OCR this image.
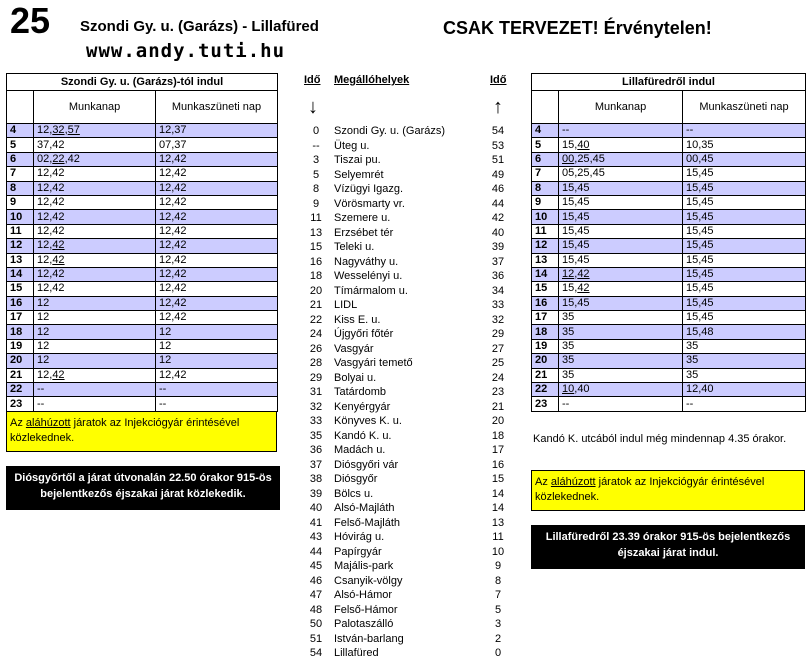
25 Szondi Gy. u. (Garázs) - Lillafüred
www.andy.tuti.hu
CSAK TERVEZET! Érvénytelen!
Szondi Gy. u. (Garázs)-tól indul		
	Munkanap	Munkaszüneti nap
4	12,32,57	12,37
5	37,42	07,37
6	02,22,42	12,42
7	12,42	12,42
8	12,42	12,42
9	12,42	12,42
10	12,42	12,42
11	12,42	12,42
12	12,42	12,42
13	12,42	12,42
14	12,42	12,42
15	12,42	12,42
16	12	12,42
17	12	12,42
18	12	12
19	12	12
20	12	12
21	12,42	12,42
22	--	--
23	--	--
Az aláhúzott járatok az Injekciógyár érintésével közlekednek.
Diósgyőrtől a járat útvonalán 22.50 órakor 915-ös bejelentkezős éjszakai járat közlekedik.
Idő Megállóhelyek	Idő
↓	↑
0	Szondi Gy. u. (Garázs)	54
--	Üteg u.	53
3	Tiszai pu.	51
5	Selyemrét	49
8	Vízügyi Igazg.	46
9	Vörösmarty vr.	44
11	Szemere u.	42
13	Erzsébet tér	40
15	Teleki u.	39
16	Nagyváthy u.	37
18	Wesselényi u.	36
20	Tímármalom u.	34
21	LIDL	33
22	Kiss E. u.	32
24	Újgyőri főtér	29
26	Vasgyár	27
28	Vasgyári temető	25
29	Bolyai u.	24
31	Tatárdomb	23
32	Kenyérgyár	21
33	Könyves K. u.	20
35	Kandó K. u.	18
36	Madách u.	17
37	Diósgyőri vár	16
38	Diósgyőr	15
39	Bölcs u.	14
40	Alsó-Majláth	14
41	Felső-Majláth	13
43	Hóvirág u.	11
44	Papírgyár	10
45	Majális-park	9
46	Csanyik-völgy	8
47	Alsó-Hámor	7
48	Felső-Hámor	5
50	Palotaszálló	3
51	István-barlang	2
54	Lillafüred	0
Lillafüredről indul		
	Munkanap	Munkaszüneti nap
4	--	--
5	15,40	10,35
6	00,25,45	00,45
7	05,25,45	15,45
8	15,45	15,45
9	15,45	15,45
10	15,45	15,45
11	15,45	15,45
12	15,45	15,45
13	15,45	15,45
14	12,42	15,45
15	15,42	15,45
16	15,45	15,45
17	35	15,45
18	35	15,48
19	35	35
20	35	35
21	35	35
22	10,40	12,40
23	--	--
Kandó K. utcából indul még mindennap 4.35 órakor.
Az aláhúzott járatok az Injekciógyár érintésével közlekednek.
Lillafüredről 23.39 órakor 915-ös bejelentkezős éjszakai járat indul.
